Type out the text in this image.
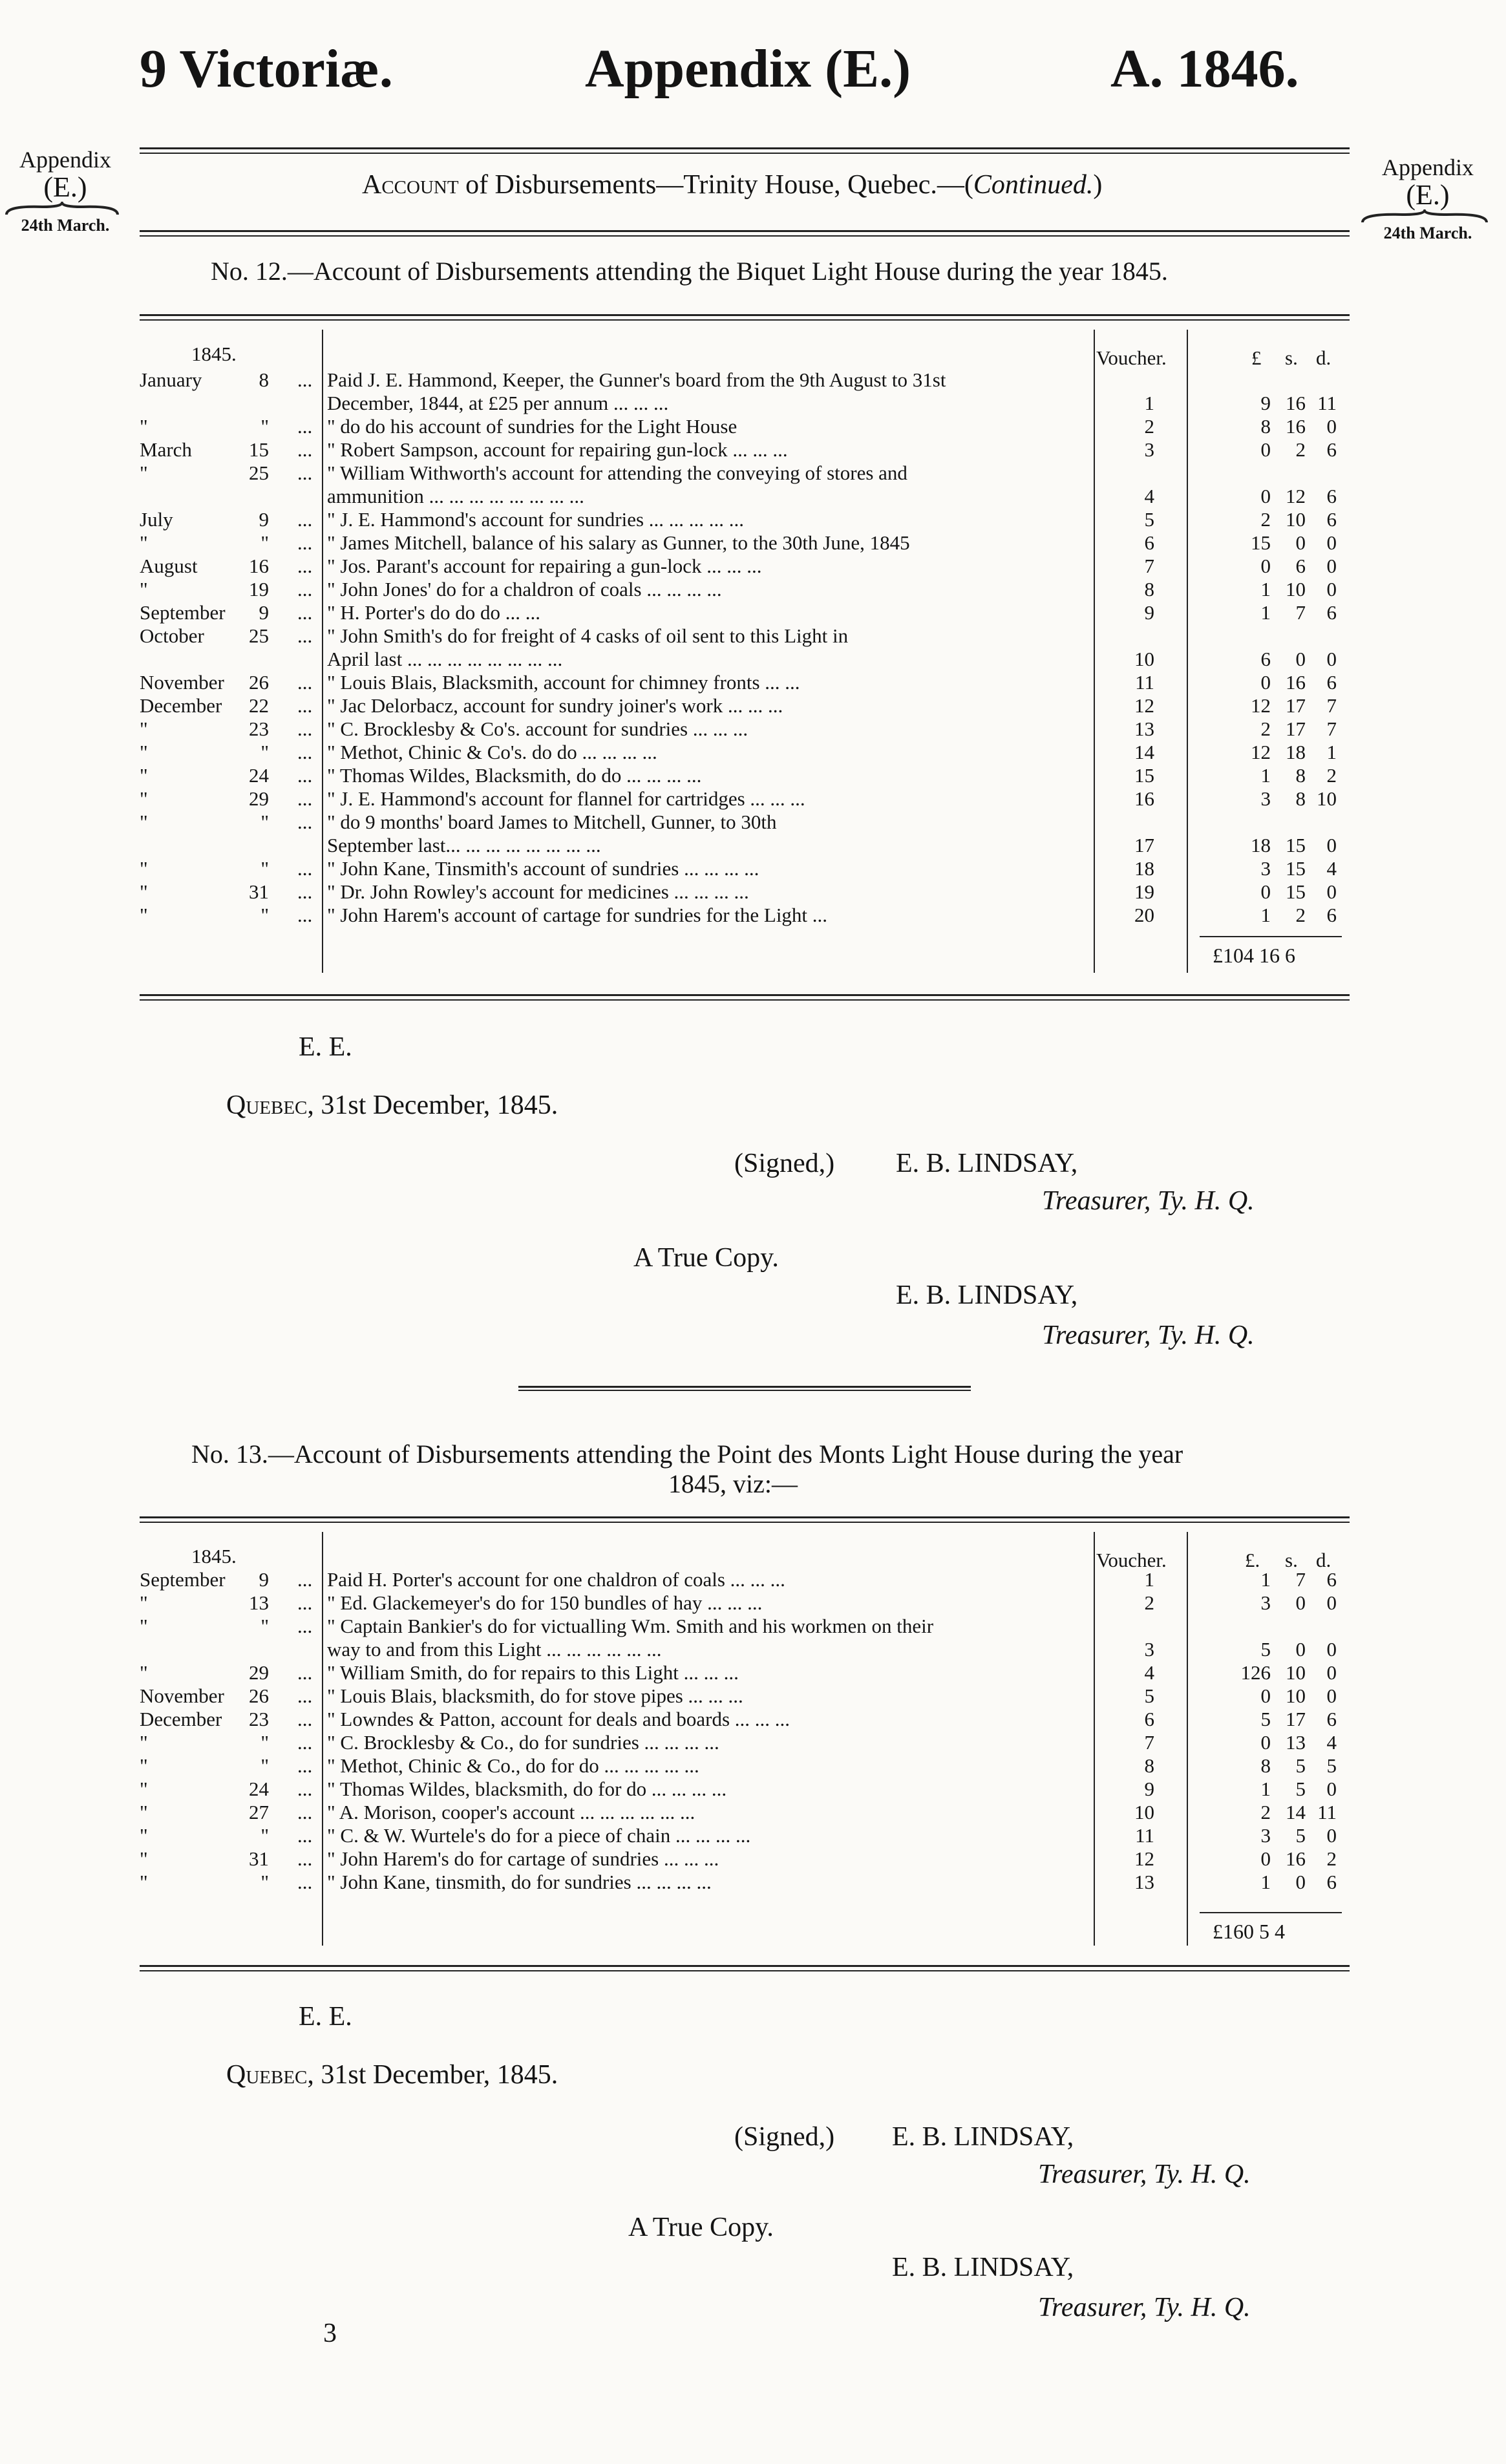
9 Victoriæ.	Appendix (E.)	A. 1846.
Appendix
(E.)
24th March.
Appendix
(E.)
24th March.
Account of Disbursements—Trinity House, Quebec.—(Continued.)
No. 12.—Account of Disbursements attending the Biquet Light House during the year 1845.
1845.	Voucher.	£ s. d.
January	8 ... Paid J. E. Hammond, Keeper, the Gunner's board from the 9th August to 31st
December, 1844, at £25 per annum ... ... ...	1	9 16 11
"	" ... " do do his account of sundries for the Light House	2	8 16	0
March	15 ... " Robert Sampson, account for repairing gun-lock ... ... ...	3	0	2	6
"	25 ... " William Withworth's account for attending the conveying of stores and
ammunition ... ... ... ... ... ... ... ...	4	0 12	6
July	9 ... " J. E. Hammond's account for sundries ... ... ... ... ...	5	2 10	6
"	" ... " James Mitchell, balance of his salary as Gunner, to the 30th June, 1845	6	15	0	0
August	16 ... " Jos. Parant's account for repairing a gun-lock ... ... ...	7	0	6	0
"	19 ... " John Jones' do for a chaldron of coals ... ... ... ...	8	1 10	0
September	9 ... " H. Porter's do do do ... ...	9	1	7	6
October 25 ... " John Smith's do for freight of 4 casks of oil sent to this Light in
April last ... ... ... ... ... ... ... ...	10	6	0	0
November 26 ... " Louis Blais, Blacksmith, account for chimney fronts ... ...	11	0 16	6
December 22 ... " Jac Delorbacz, account for sundry joiner's work ... ... ...	12	12 17	7
"	23 ... " C. Brocklesby & Co's. account for sundries ... ... ...	13	2 17	7
"	" ... " Methot, Chinic & Co's. do do ... ... ... ...	14	12 18	1
"	24 ... " Thomas Wildes, Blacksmith, do do ... ... ... ...	15	1	8	2
"	29 ... " J. E. Hammond's account for flannel for cartridges ... ... ...	16	3	8 10
"	" ... " do 9 months' board James to Mitchell, Gunner, to 30th
September last... ... ... ... ... ... ... ...	17	18 15	0
"	" ... " John Kane, Tinsmith's account of sundries ... ... ... ...	18	3 15	4
"	31 ... " Dr. John Rowley's account for medicines ... ... ... ...	19	0 15	0
"	" ... " John Harem's account of cartage for sundries for the Light ...	20	1	2	6
£104 16 6
E. E.
Quebec, 31st December, 1845.
(Signed,) E. B. LINDSAY,
Treasurer, Ty. H. Q.
A True Copy.
E. B. LINDSAY,
Treasurer, Ty. H. Q.
No. 13.—Account of Disbursements attending the Point des Monts Light House during the year
1845, viz:—
1845.	Voucher.	£. s. d.
September	9 ... Paid H. Porter's account for one chaldron of coals ... ... ...	1	1	7	6
"	13 ... " Ed. Glackemeyer's do for 150 bundles of hay ... ... ...	2	3	0	0
"	" ... " Captain Bankier's do for victualling Wm. Smith and his workmen on their
way to and from this Light ... ... ... ... ... ...	3	5	0	0
"	29 ... " William Smith, do for repairs to this Light ... ... ...	4	126 10	0
November 26 ... " Louis Blais, blacksmith, do for stove pipes ... ... ...	5	0 10	0
December 23 ... " Lowndes & Patton, account for deals and boards ... ... ...	6	5 17	6
"	" ... " C. Brocklesby & Co., do for sundries ... ... ... ...	7	0 13	4
"	" ... " Methot, Chinic & Co., do for do ... ... ... ... ...	8	8	5	5
"	24 ... " Thomas Wildes, blacksmith, do for do ... ... ... ...	9	1	5	0
"	27 ... " A. Morison, cooper's account ... ... ... ... ... ...	10	2 14 11
"	" ... " C. & W. Wurtele's do for a piece of chain ... ... ... ...	11	3	5	0
"	31 ... " John Harem's do for cartage of sundries ... ... ...	12	0 16	2
"	" ... " John Kane, tinsmith, do for sundries ... ... ... ...	13	1	0	6
£160 5 4
E. E.
Quebec, 31st December, 1845.
(Signed,) E. B. LINDSAY,
Treasurer, Ty. H. Q.
A True Copy.
E. B. LINDSAY,
Treasurer, Ty. H. Q.
3
